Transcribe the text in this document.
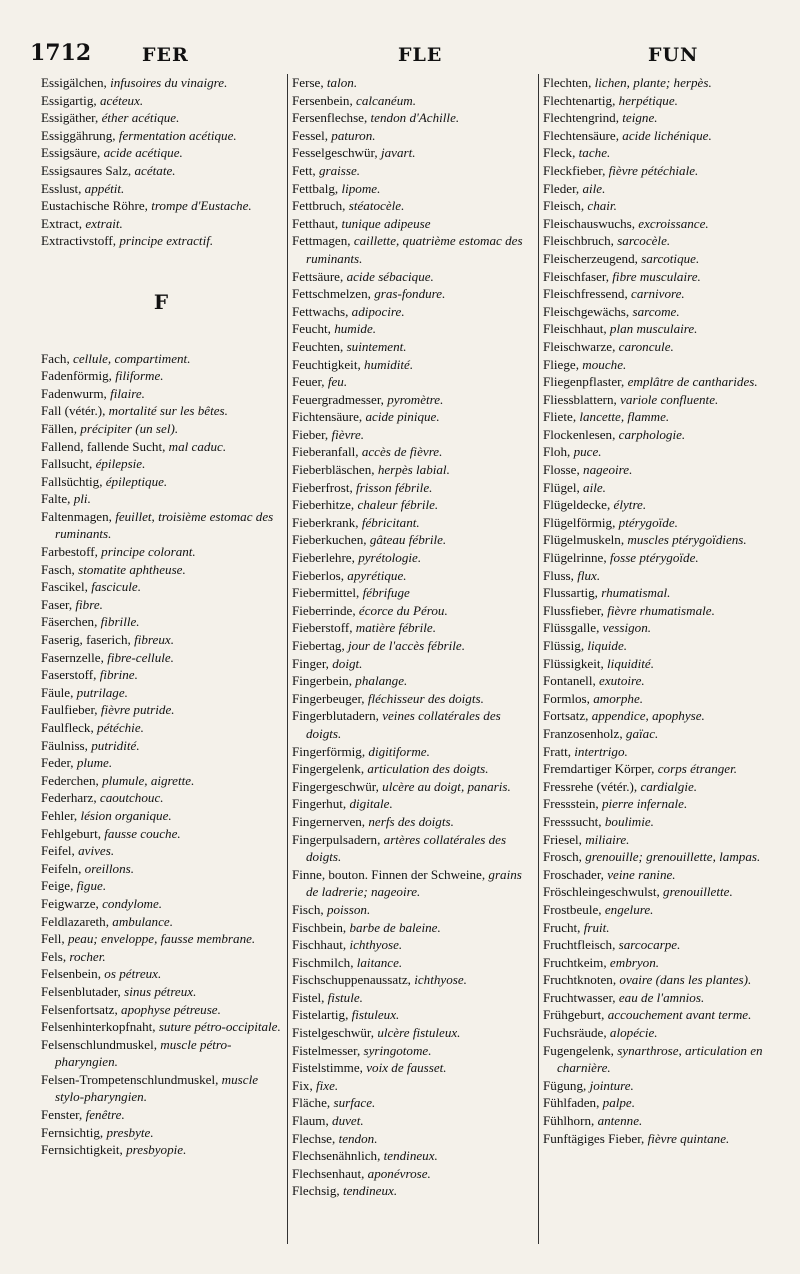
1712	FER	FLE	FUN

Essigälchen, infusoires du vinaigre.

Essigartig, acéteux.

Essigäther, éther acétique.

Essiggährung, fermentation acétique.

Essigsäure, acide acétique.

Essigsaures Salz, acétate.

Esslust, appétit.

Eustachische Röhre, trompe d'Eustache.

Extract, extrait.

Extractivstoff, principe extractif.

F

Fach, cellule, compartiment.

Fadenförmig, filiforme.

Fadenwurm, filaire.

Fall (vétér.), mortalité sur les bêtes.

Fällen, précipiter (un sel).

Fallend, fallende Sucht, mal caduc.

Fallsucht, épilepsie.

Fallsüchtig, épileptique.

Falte, pli.

Faltenmagen, feuillet, troisième estomac des ruminants.

Farbestoff, principe colorant.

Fasch, stomatite aphtheuse.

Fascikel, fascicule.

Faser, fibre.

Fäserchen, fibrille.

Faserig, faserich, fibreux.

Fasernzelle, fibre-cellule.

Faserstoff, fibrine.

Fäule, putrilage.

Faulfieber, fièvre putride.

Faulfleck, pétéchie.

Fäulniss, putridité.

Feder, plume.

Federchen, plumule, aigrette.

Federharz, caoutchouc.

Fehler, lésion organique.

Fehlgeburt, fausse couche.

Feifel, avives.

Feifeln, oreillons.

Feige, figue.

Feigwarze, condylome.

Feldlazareth, ambulance.

Fell, peau; enveloppe, fausse membrane.

Fels, rocher.

Felsenbein, os pétreux.

Felsenblutader, sinus pétreux.

Felsenfortsatz, apophyse pétreuse.

Felsenhinterkopfnaht, suture pétro-occipitale.

Felsenschlundmuskel, muscle pétro-pharyngien.

Felsen-Trompetenschlundmuskel, muscle stylo-pharyngien.

Fenster, fenêtre.

Fernsichtig, presbyte.

Fernsichtigkeit, presbyopie.

Ferse, talon.

Fersenbein, calcanéum.

Fersenflechse, tendon d'Achille.

Fessel, paturon.

Fesselgeschwür, javart.

Fett, graisse.

Fettbalg, lipome.

Fettbruch, stéatocèle.

Fetthaut, tunique adipeuse

Fettmagen, caillette, quatrième estomac des ruminants.

Fettsäure, acide sébacique.

Fettschmelzen, gras-fondure.

Fettwachs, adipocire.

Feucht, humide.

Feuchten, suintement.

Feuchtigkeit, humidité.

Feuer, feu.

Feuergradmesser, pyromètre.

Fichtensäure, acide pinique.

Fieber, fièvre.

Fieberanfall, accès de fièvre.

Fieberbläschen, herpès labial.

Fieberfrost, frisson fébrile.

Fieberhitze, chaleur fébrile.

Fieberkrank, fébricitant.

Fieberkuchen, gâteau fébrile.

Fieberlehre, pyrétologie.

Fieberlos, apyrétique.

Fiebermittel, fébrifuge

Fieberrinde, écorce du Pérou.

Fieberstoff, matière fébrile.

Fiebertag, jour de l'accès fébrile.

Finger, doigt.

Fingerbein, phalange.

Fingerbeuger, fléchisseur des doigts.

Fingerblutadern, veines collatérales des doigts.

Fingerförmig, digitiforme.

Fingergelenk, articulation des doigts.

Fingergeschwür, ulcère au doigt, panaris.

Fingerhut, digitale.

Fingernerven, nerfs des doigts.

Fingerpulsadern, artères collatérales des doigts.

Finne, bouton. Finnen der Schweine, grains de ladrerie; nageoire.

Fisch, poisson.

Fischbein, barbe de baleine.

Fischhaut, ichthyose.

Fischmilch, laitance.

Fischschuppenaussatz, ichthyose.

Fistel, fistule.

Fistelartig, fistuleux.

Fistelgeschwür, ulcère fistuleux.

Fistelmesser, syringotome.

Fistelstimme, voix de fausset.

Fix, fixe.

Fläche, surface.

Flaum, duvet.

Flechse, tendon.

Flechsenähnlich, tendineux.

Flechsenhaut, aponévrose.

Flechsig, tendineux.

Flechten, lichen, plante; herpès.

Flechtenartig, herpétique.

Flechtengrind, teigne.

Flechtensäure, acide lichénique.

Fleck, tache.

Fleckfieber, fièvre pétéchiale.

Fleder, aile.

Fleisch, chair.

Fleischauswuchs, excroissance.

Fleischbruch, sarcocèle.

Fleischerzeugend, sarcotique.

Fleischfaser, fibre musculaire.

Fleischfressend, carnivore.

Fleischgewächs, sarcome.

Fleischhaut, plan musculaire.

Fleischwarze, caroncule.

Fliege, mouche.

Fliegenpflaster, emplâtre de cantharides.

Fliessblattern, variole confluente.

Fliete, lancette, flamme.

Flockenlesen, carphologie.

Floh, puce.

Flosse, nageoire.

Flügel, aile.

Flügeldecke, élytre.

Flügelförmig, ptérygoïde.

Flügelmuskeln, muscles ptérygoïdiens.

Flügelrinne, fosse ptérygoïde.

Fluss, flux.

Flussartig, rhumatismal.

Flussfieber, fièvre rhumatismale.

Flüssgalle, vessigon.

Flüssig, liquide.

Flüssigkeit, liquidité.

Fontanell, exutoire.

Formlos, amorphe.

Fortsatz, appendice, apophyse.

Franzosenholz, gaïac.

Fratt, intertrigo.

Fremdartiger Körper, corps étranger.

Fressrehe (vétér.), cardialgie.

Fressstein, pierre infernale.

Fresssucht, boulimie.

Friesel, miliaire.

Frosch, grenouille; grenouillette, lampas.

Froschader, veine ranine.

Fröschleingeschwulst, grenouillette.

Frostbeule, engelure.

Frucht, fruit.

Fruchtfleisch, sarcocarpe.

Fruchtkeim, embryon.

Fruchtknoten, ovaire (dans les plantes).

Fruchtwasser, eau de l'amnios.

Frühgeburt, accouchement avant terme.

Fuchsräude, alopécie.

Fugengelenk, synarthrose, articulation en charnière.

Fügung, jointure.

Fühlfaden, palpe.

Fühlhorn, antenne.

Funftägiges Fieber, fièvre quintane.
